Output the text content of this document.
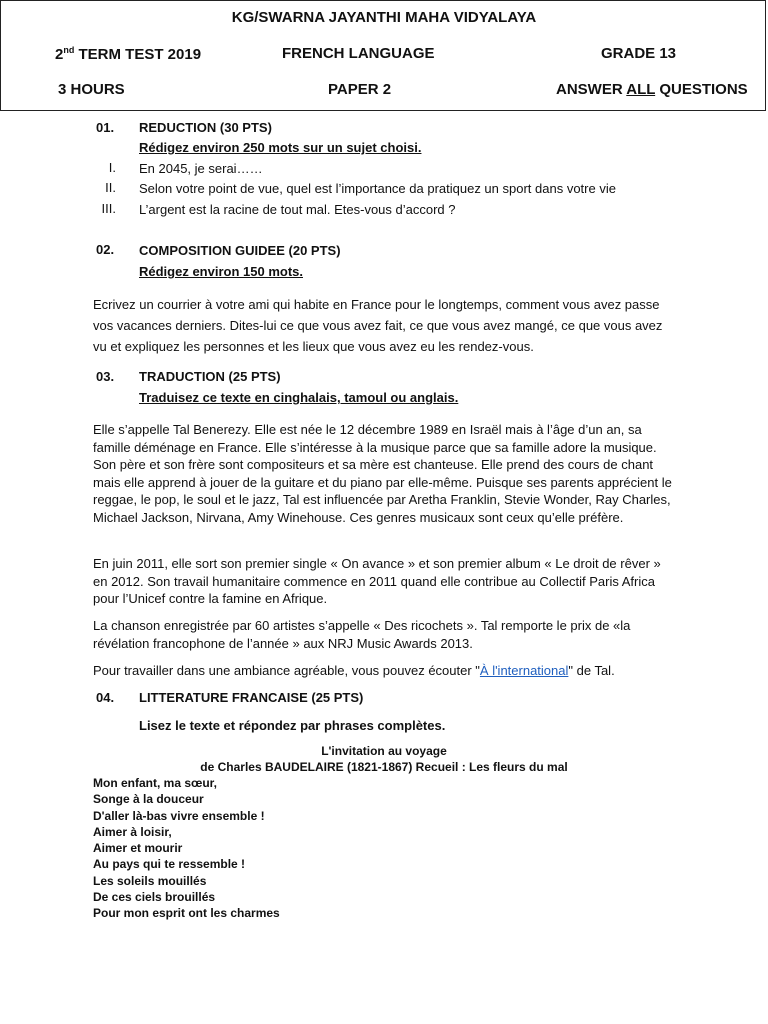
KG/SWARNA JAYANTHI MAHA VIDYALAYA
2nd TERM TEST 2019	FRENCH LANGUAGE	GRADE 13
3 HOURS	PAPER 2	ANSWER ALL QUESTIONS
01. REDUCTION (30 PTS)
Rédigez environ 250 mots sur un sujet choisi.
I. En 2045, je serai……
II. Selon votre point de vue, quel est l’importance da pratiquez un sport dans votre vie
III. L’argent est la racine de tout mal. Etes-vous d’accord ?
02. COMPOSITION GUIDEE (20 PTS)
Rédigez environ 150 mots.
Ecrivez un courrier à votre ami qui habite en France pour le longtemps, comment vous avez passe vos vacances derniers. Dites-lui ce que vous avez fait, ce que vous avez mangé, ce que vous avez vu et expliquez les personnes et les lieux que vous avez eu les rendez-vous.
03. TRADUCTION (25 PTS)
Traduisez ce texte en cinghalais, tamoul ou anglais.
Elle s’appelle Tal Benerezy. Elle est née le 12 décembre 1989 en Israël mais à l’âge d’un an, sa famille déménage en France. Elle s’intéresse à la musique parce que sa famille adore la musique. Son père et son frère sont compositeurs et sa mère est chanteuse. Elle prend des cours de chant mais elle apprend à jouer de la guitare et du piano par elle-même. Puisque ses parents apprécient le reggae, le pop, le soul et le jazz, Tal est influencée par Aretha Franklin, Stevie Wonder, Ray Charles, Michael Jackson, Nirvana, Amy Winehouse. Ces genres musicaux sont ceux qu’elle préfère.
En juin 2011, elle sort son premier single « On avance » et son premier album « Le droit de rêver » en 2012. Son travail humanitaire commence en 2011 quand elle contribue au Collectif Paris Africa pour l’Unicef contre la famine en Afrique.
La chanson enregistrée par 60 artistes s’appelle « Des ricochets ». Tal remporte le prix de «la révélation francophone de l’année » aux NRJ Music Awards 2013.
Pour travailler dans une ambiance agréable, vous pouvez écouter "À l'international" de Tal.
04. LITTERATURE FRANCAISE (25 PTS)
Lisez le texte et répondez par phrases complètes.
L'invitation au voyage
de Charles BAUDELAIRE (1821-1867) Recueil : Les fleurs du mal
Mon enfant, ma sœur,
Songe à la douceur
D'aller là-bas vivre ensemble !
Aimer à loisir,
Aimer et mourir
Au pays qui te ressemble !
Les soleils mouillés
De ces ciels brouillés
Pour mon esprit ont les charmes
